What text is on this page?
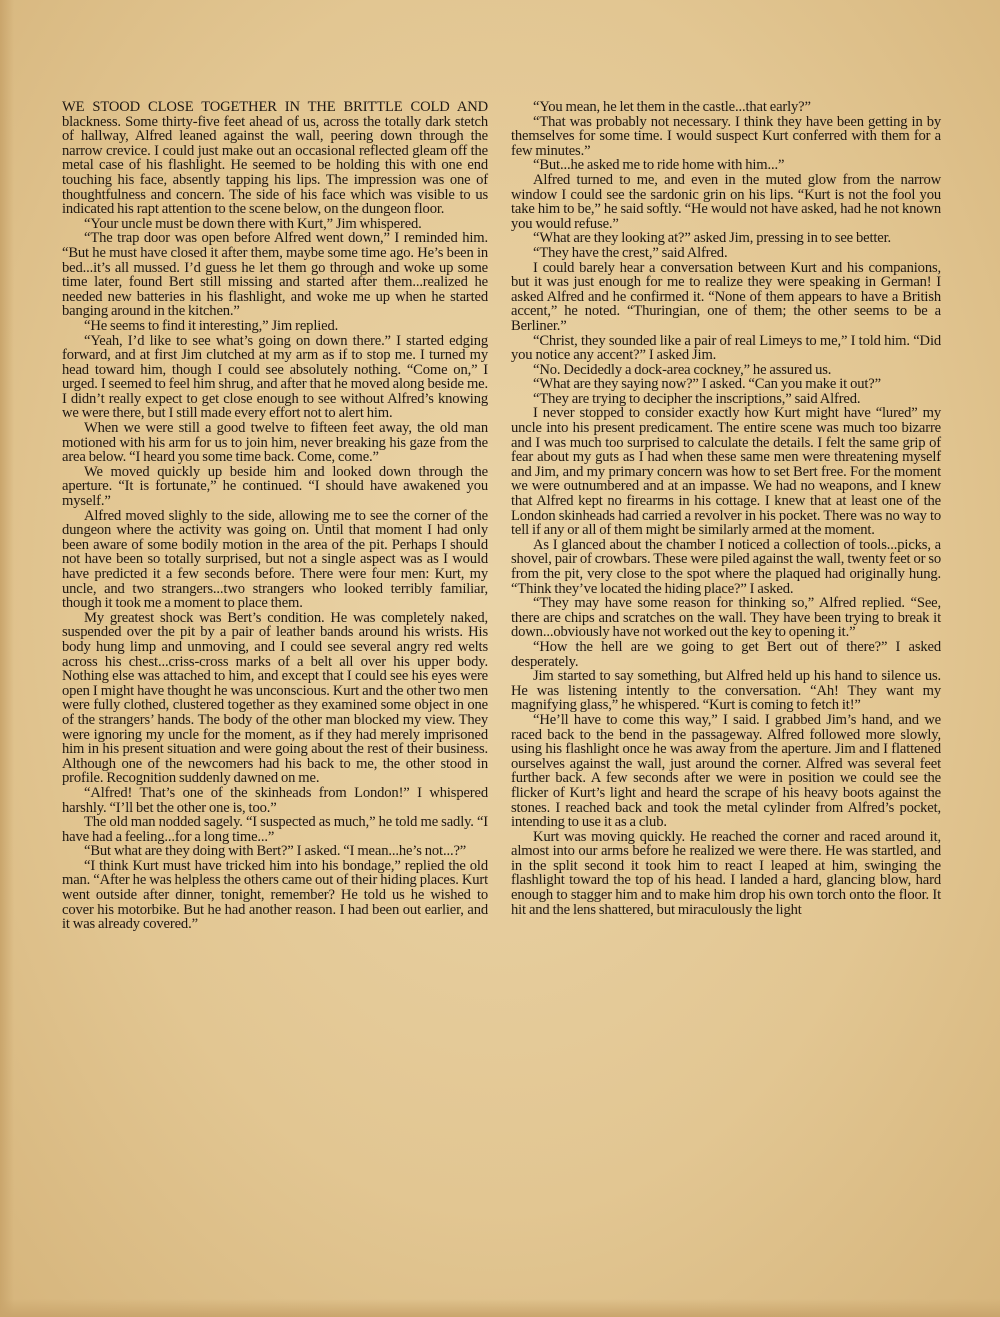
WE STOOD CLOSE TOGETHER IN THE BRITTLE COLD AND blackness. Some thirty-five feet ahead of us, across the totally dark stetch of hallway, Alfred leaned against the wall, peering down through the narrow crevice. I could just make out an occasional reflected gleam off the metal case of his flashlight. He seemed to be holding this with one end touching his face, absently tapping his lips. The impression was one of thoughtfulness and concern. The side of his face which was visible to us indicated his rapt attention to the scene below, on the dungeon floor.

“Your uncle must be down there with Kurt,” Jim whispered.

“The trap door was open before Alfred went down,” I reminded him. “But he must have closed it after them, maybe some time ago. He’s been in bed...it’s all mussed. I’d guess he let them go through and woke up some time later, found Bert still missing and started after them...realized he needed new batteries in his flashlight, and woke me up when he started banging around in the kitchen.”

“He seems to find it interesting,” Jim replied.

“Yeah, I’d like to see what’s going on down there.” I started edging forward, and at first Jim clutched at my arm as if to stop me. I turned my head toward him, though I could see absolutely nothing. “Come on,” I urged. I seemed to feel him shrug, and after that he moved along beside me. I didn’t really expect to get close enough to see without Alfred’s knowing we were there, but I still made every effort not to alert him.

When we were still a good twelve to fifteen feet away, the old man motioned with his arm for us to join him, never breaking his gaze from the area below. “I heard you some time back. Come, come.”

We moved quickly up beside him and looked down through the aperture. “It is fortunate,” he continued. “I should have awakened you myself.”

Alfred moved slighly to the side, allowing me to see the corner of the dungeon where the activity was going on. Until that moment I had only been aware of some bodily motion in the area of the pit. Perhaps I should not have been so totally surprised, but not a single aspect was as I would have predicted it a few seconds before. There were four men: Kurt, my uncle, and two strangers...two strangers who looked terribly familiar, though it took me a moment to place them.

My greatest shock was Bert’s condition. He was completely naked, suspended over the pit by a pair of leather bands around his wrists. His body hung limp and unmoving, and I could see several angry red welts across his chest...criss-cross marks of a belt all over his upper body. Nothing else was attached to him, and except that I could see his eyes were open I might have thought he was unconscious. Kurt and the other two men were fully clothed, clustered together as they examined some object in one of the strangers’ hands. The body of the other man blocked my view. They were ignoring my uncle for the moment, as if they had merely imprisoned him in his present situation and were going about the rest of their business. Although one of the newcomers had his back to me, the other stood in profile. Recognition suddenly dawned on me.

“Alfred! That’s one of the skinheads from London!” I whispered harshly. “I’ll bet the other one is, too.”

The old man nodded sagely. “I suspected as much,” he told me sadly. “I have had a feeling...for a long time...”

“But what are they doing with Bert?” I asked. “I mean...he’s not...?”

“I think Kurt must have tricked him into his bondage,” replied the old man. “After he was helpless the others came out of their hiding places. Kurt went outside after dinner, tonight, remember? He told us he wished to cover his motorbike. But he had another reason. I had been out earlier, and it was already covered.”

“You mean, he let them in the castle...that early?”

“That was probably not necessary. I think they have been getting in by themselves for some time. I would suspect Kurt conferred with them for a few minutes.”

“But...he asked me to ride home with him...”

Alfred turned to me, and even in the muted glow from the narrow window I could see the sardonic grin on his lips. “Kurt is not the fool you take him to be,” he said softly. “He would not have asked, had he not known you would refuse.”

“What are they looking at?” asked Jim, pressing in to see better.

“They have the crest,” said Alfred.

I could barely hear a conversation between Kurt and his companions, but it was just enough for me to realize they were speaking in German! I asked Alfred and he confirmed it. “None of them appears to have a British accent,” he noted. “Thuringian, one of them; the other seems to be a Berliner.”

“Christ, they sounded like a pair of real Limeys to me,” I told him. “Did you notice any accent?” I asked Jim.

“No. Decidedly a dock-area cockney,” he assured us.

“What are they saying now?” I asked. “Can you make it out?”

“They are trying to decipher the inscriptions,” said Alfred.

I never stopped to consider exactly how Kurt might have “lured” my uncle into his present predicament. The entire scene was much too bizarre and I was much too surprised to calculate the details. I felt the same grip of fear about my guts as I had when these same men were threatening myself and Jim, and my primary concern was how to set Bert free. For the moment we were outnumbered and at an impasse. We had no weapons, and I knew that Alfred kept no firearms in his cottage. I knew that at least one of the London skinheads had carried a revolver in his pocket. There was no way to tell if any or all of them might be similarly armed at the moment.

As I glanced about the chamber I noticed a collection of tools...picks, a shovel, pair of crowbars. These were piled against the wall, twenty feet or so from the pit, very close to the spot where the plaqued had originally hung. “Think they’ve located the hiding place?” I asked.

“They may have some reason for thinking so,” Alfred replied. “See, there are chips and scratches on the wall. They have been trying to break it down...obviously have not worked out the key to opening it.”

“How the hell are we going to get Bert out of there?” I asked desperately.

Jim started to say something, but Alfred held up his hand to silence us. He was listening intently to the conversation. “Ah! They want my magnifying glass,” he whispered. “Kurt is coming to fetch it!”

“He’ll have to come this way,” I said. I grabbed Jim’s hand, and we raced back to the bend in the passageway. Alfred followed more slowly, using his flashlight once he was away from the aperture. Jim and I flattened ourselves against the wall, just around the corner. Alfred was several feet further back. A few seconds after we were in position we could see the flicker of Kurt’s light and heard the scrape of his heavy boots against the stones. I reached back and took the metal cylinder from Alfred’s pocket, intending to use it as a club.

Kurt was moving quickly. He reached the corner and raced around it, almost into our arms before he realized we were there. He was startled, and in the split second it took him to react I leaped at him, swinging the flashlight toward the top of his head. I landed a hard, glancing blow, hard enough to stagger him and to make him drop his own torch onto the floor. It hit and the lens shattered, but miraculously the light
